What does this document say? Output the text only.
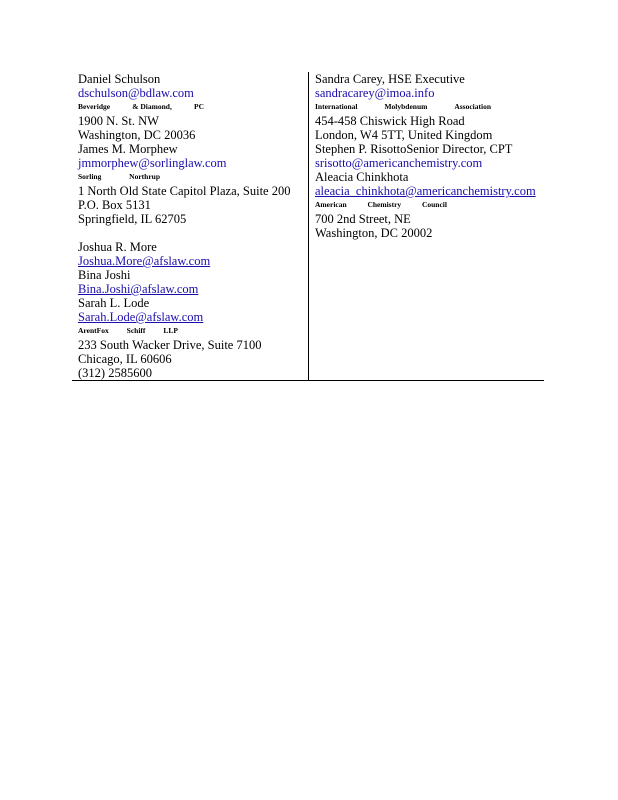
Daniel Schulson
dschulson@bdlaw.com
Beveridge	& Diamond,	PC
1900 N. St. NW
Washington, DC 20036
James M. Morphew
jmmorphew@sorlinglaw.com
Sorling	Northrup
1 North Old State Capitol Plaza, Suite 200
P.O. Box 5131
Springfield, IL 62705
Joshua R. More
Joshua.More@afslaw.com
Bina Joshi
Bina.Joshi@afslaw.com
Sarah L. Lode
Sarah.Lode@afslaw.com
ArentFox Schiff LLP
233 South Wacker Drive, Suite 7100
Chicago, IL 60606
(312) 2585600
Sandra Carey, HSE Executive
sandracarey@imoa.info
International	Molybdenum	Association
454-458 Chiswick High Road
London, W4 5TT, United Kingdom
Stephen P. RisottoSenior Director, CPT
srisotto@americanchemistry.com
Aleacia Chinkhota
aleacia_chinkhota@americanchemistry.com
American	Chemistry	Council
700 2nd Street, NE
Washington, DC 20002
